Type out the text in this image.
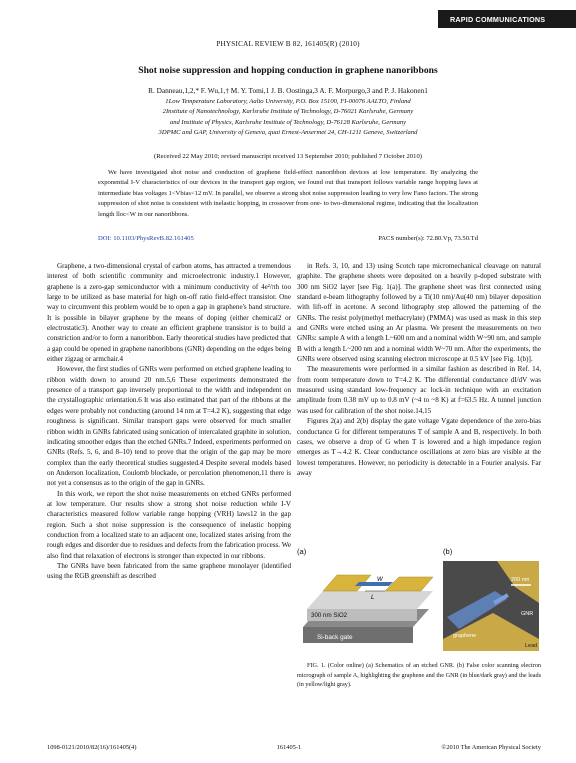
RAPID COMMUNICATIONS
PHYSICAL REVIEW B 82, 161405(R) (2010)
Shot noise suppression and hopping conduction in graphene nanoribbons
R. Danneau,1,2,* F. Wu,1,† M. Y. Tomi,1 J. B. Oostinga,3 A. F. Morpurgo,3 and P. J. Hakonen1
1Low Temperature Laboratory, Aalto University, P.O. Box 15100, FI-00076 AALTO, Finland
2Institute of Nanotechnology, Karlsruhe Institute of Technology, D-76021 Karlsruhe, Germany
and Institute of Physics, Karlsruhe Institute of Technology, D-76128 Karlsruhe, Germany
3DPMC and GAP, University of Geneva, quai Ernest-Ansermet 24, CH-1211 Geneve, Switzerland
(Received 22 May 2010; revised manuscript received 13 September 2010; published 7 October 2010)
We have investigated shot noise and conduction of graphene field-effect nanoribbon devices at low temperature. By analyzing the exponential I-V characteristics of our devices in the transport gap region, we found out that transport follows variable range hopping laws at intermediate bias voltages 1<Vbias<12 mV. In parallel, we observe a strong shot noise suppression leading to very low Fano factors. The strong suppression of shot noise is consistent with inelastic hopping, in crossover from one- to two-dimensional regime, indicating that the localization length lloc<W in our nanoribbons.
DOI: 10.1103/PhysRevB.82.161405	PACS number(s): 72.80.Vp, 73.50.Td

Graphene, a two-dimensional crystal of carbon atoms, has attracted a tremendous interest of both scientific community and microelectronic industry.1 However, graphene is a zero-gap semiconductor with a minimum conductivity of 4e²/πh too large to be utilized as base material for high on-off ratio field-effect transistor. One way to circumvent this problem would be to open a gap in graphene's band structure. It is possible in bilayer graphene by the means of doping (either chemical2 or electrostatic3). Another way to create an efficient graphene transistor is to build a constriction and/or to form a nanoribbon. Early theoretical studies have predicted that a gap could be opened in graphene nanoribbons (GNR) depending on the edges being either zigzag or armchair.4

However, the first studies of GNRs were performed on etched graphene leading to ribbon width down to around 20 nm.5,6 These experiments demonstrated the presence of a transport gap inversely proportional to the width and independent on the crystallographic orientation.6 It was also estimated that part of the ribbons at the edges were probably not conducting (around 14 nm at T=4.2 K), suggesting that edge roughness is significant. Similar transport gaps were observed for much smaller ribbon width in GNRs fabricated using sonication of intercalated graphite in solution, indicating smoother edges than the etched GNRs.7 Indeed, experiments performed on GNRs (Refs. 5, 6, and 8–10) tend to prove that the origin of the gap may be more complex than the early theoretical studies suggested.4 Despite several models based on Anderson localization, Coulomb blockade, or percolation phenomenon,11 there is not yet a consensus as to the origin of the gap in GNRs.

In this work, we report the shot noise measurements on etched GNRs performed at low temperature. Our results show a strong shot noise reduction while I-V characteristics measured follow variable range hopping (VRH) laws12 in the gap region. Such a shot noise suppression is the consequence of inelastic hopping conduction from a localized state to an adjacent one, localized states arising from the rough edges and disorder due to residues and defects from the fabrication process. We also find that relaxation of electrons is stronger than expected in our ribbons.

The GNRs have been fabricated from the same graphene monolayer (identified using the RGB greenshift as described

in Refs. 3, 10, and 13) using Scotch tape micromechanical cleavage on natural graphite. The graphene sheets were deposited on a heavily p-doped substrate with 300 nm SiO2 layer [see Fig. 1(a)]. The graphene sheet was first connected using standard e-beam lithography followed by a Ti(10 nm)/Au(40 nm) bilayer deposition with lift-off in acetone. A second lithography step allowed the patterning of the GNRs. The resist poly(methyl methacrylate) (PMMA) was used as mask in this step and GNRs were etched using an Ar plasma. We present the measurements on two GNRs: sample A with a length L~600 nm and a nominal width W~90 nm, and sample B with a length L~200 nm and a nominal width W~70 nm. After the experiments, the GNRs were observed using scanning electron microscope at 0.5 kV [see Fig. 1(b)].

The measurements were performed in a similar fashion as described in Ref. 14, from room temperature down to T=4.2 K. The differential conductance dI/dV was measured using standard low-frequency ac lock-in technique with an excitation amplitude from 0.38 mV up to 0.8 mV (~4 to ~8 K) at f=63.5 Hz. A tunnel junction was used for calibration of the shot noise.14,15

Figures 2(a) and 2(b) display the gate voltage Vgate dependence of the zero-bias conductance G for different temperatures T of sample A and B, respectively. In both cases, we observe a drop of G when T is lowered and a high impedance region emerges as T→4.2 K. Clear conductance oscillations at zero bias are visible at the lowest temperatures. However, no periodicity is detectable in a Fourier analysis. Far away

(a)	(b)
W
L
300 nm SiO2
Si-back gate
200 nm
GNR
graphene
Lead
FIG. 1. (Color online) (a) Schematics of an etched GNR. (b) False color scanning electron micrograph of sample A, highlighting the graphene and the GNR (in blue/dark gray) and the leads (in yellow/light gray).
1098-0121/2010/82(16)/161405(4)	161405-1	©2010 The American Physical Society
